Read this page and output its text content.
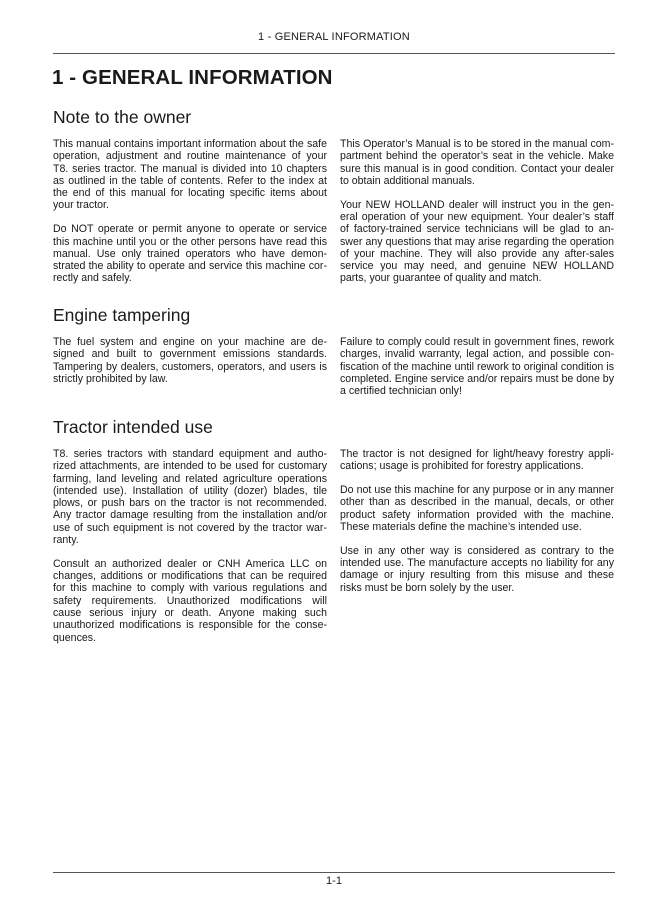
1 - GENERAL INFORMATION
1 - GENERAL INFORMATION
Note to the owner

This manual contains important information about the safe operation, adjustment and routine maintenance of your T8. series tractor. The manual is divided into 10 chapters as outlined in the table of contents. Refer to the index at the end of this manual for locating specific items about your tractor.

Do NOT operate or permit anyone to operate or service this machine until you or the other persons have read this manual. Use only trained operators who have demonstrated the ability to operate and service this machine correctly and safely.

This Operator’s Manual is to be stored in the manual compartment behind the operator’s seat in the vehicle. Make sure this manual is in good condition. Contact your dealer to obtain additional manuals.

Your NEW HOLLAND dealer will instruct you in the general operation of your new equipment. Your dealer’s staff of factory-trained service technicians will be glad to answer any questions that may arise regarding the operation of your machine. They will also provide any after-sales service you may need, and genuine NEW HOLLAND parts, your guarantee of quality and match.

Engine tampering

The fuel system and engine on your machine are designed and built to government emissions standards. Tampering by dealers, customers, operators, and users is strictly prohibited by law.

Failure to comply could result in government fines, rework charges, invalid warranty, legal action, and possible confiscation of the machine until rework to original condition is completed. Engine service and/or repairs must be done by a certified technician only!

Tractor intended use

T8. series tractors with standard equipment and authorized attachments, are intended to be used for customary farming, land leveling and related agriculture operations (intended use). Installation of utility (dozer) blades, tile plows, or push bars on the tractor is not recommended. Any tractor damage resulting from the installation and/or use of such equipment is not covered by the tractor warranty.

Consult an authorized dealer or CNH America LLC on changes, additions or modifications that can be required for this machine to comply with various regulations and safety requirements. Unauthorized modifications will cause serious injury or death. Anyone making such unauthorized modifications is responsible for the consequences.

The tractor is not designed for light/heavy forestry applications; usage is prohibited for forestry applications.

Do not use this machine for any purpose or in any manner other than as described in the manual, decals, or other product safety information provided with the machine. These materials define the machine’s intended use.

Use in any other way is considered as contrary to the intended use. The manufacture accepts no liability for any damage or injury resulting from this misuse and these risks must be born solely by the user.

1-1
